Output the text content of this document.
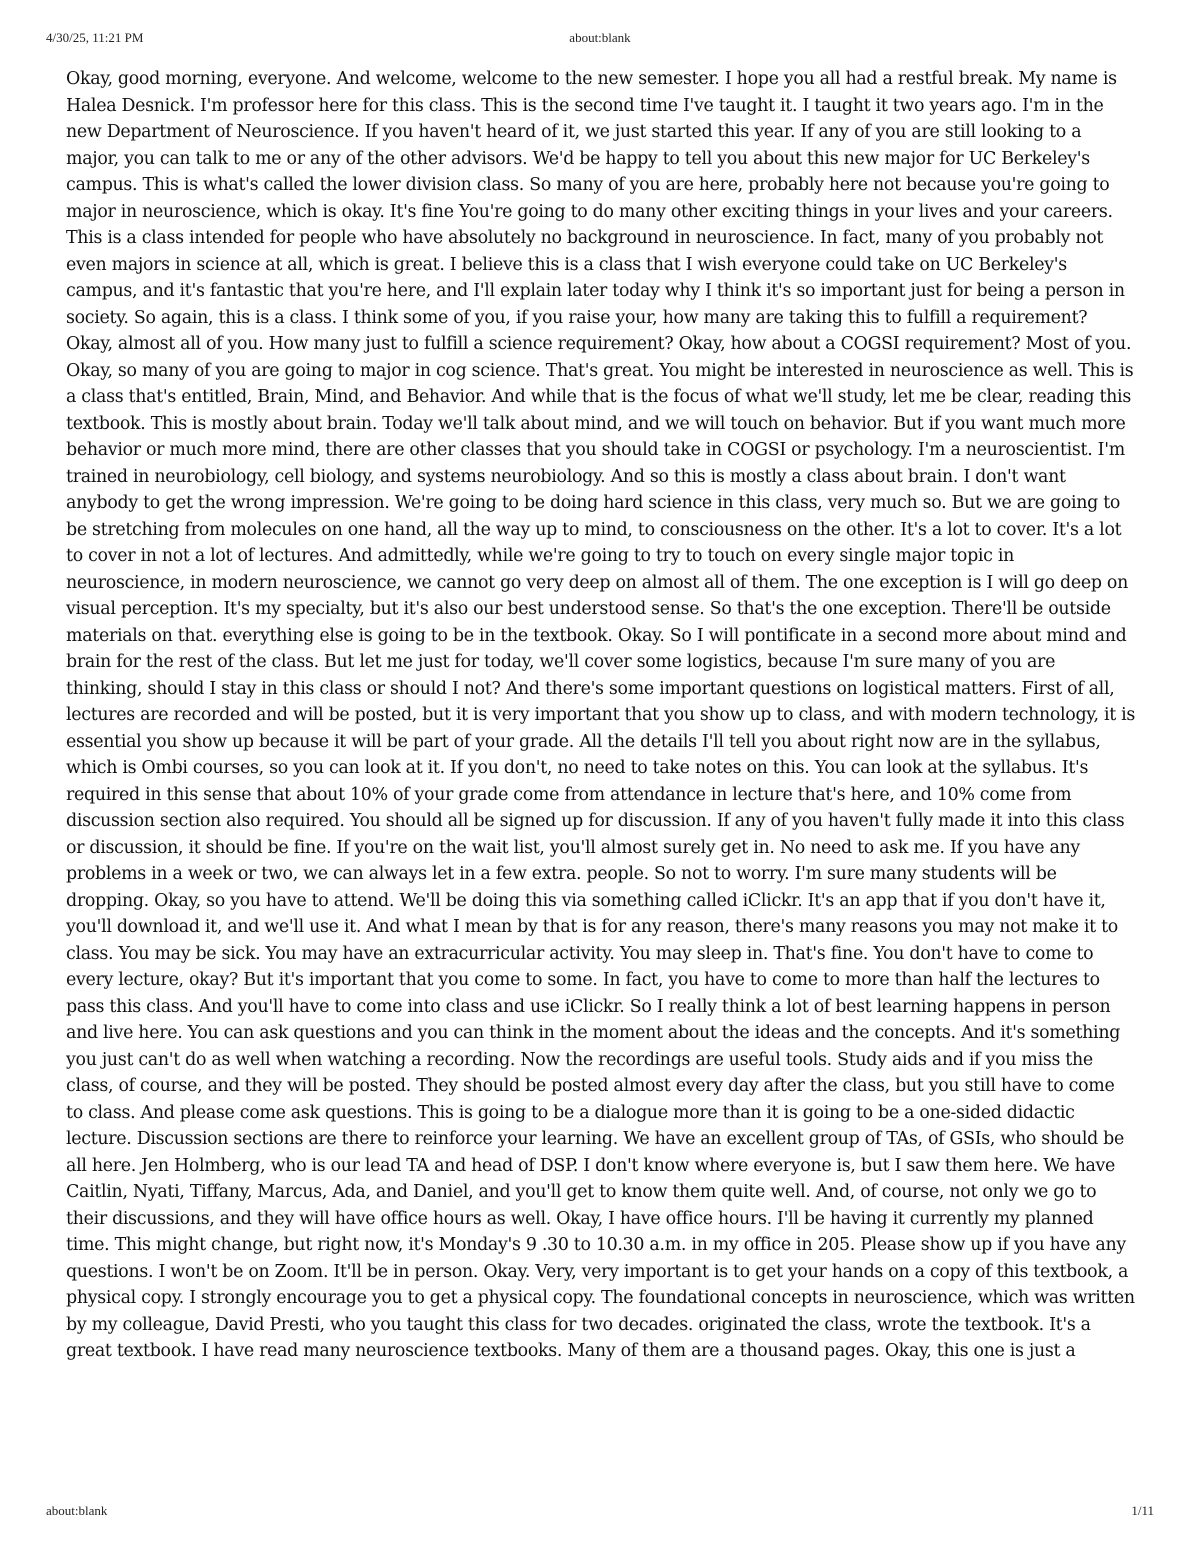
4/30/25, 11:21 PM	about:blank

Okay, good morning, everyone. And welcome, welcome to the new semester. I hope you all had a restful break. My name is Halea Desnick. I'm professor here for this class. This is the second time I've taught it. I taught it two years ago. I'm in the new Department of Neuroscience. If you haven't heard of it, we just started this year. If any of you are still looking to a major, you can talk to me or any of the other advisors. We'd be happy to tell you about this new major for UC Berkeley's campus. This is what's called the lower division class. So many of you are here, probably here not because you're going to major in neuroscience, which is okay. It's fine You're going to do many other exciting things in your lives and your careers. This is a class intended for people who have absolutely no background in neuroscience. In fact, many of you probably not even majors in science at all, which is great. I believe this is a class that I wish everyone could take on UC Berkeley's campus, and it's fantastic that you're here, and I'll explain later today why I think it's so important just for being a person in society. So again, this is a class. I think some of you, if you raise your, how many are taking this to fulfill a requirement? Okay, almost all of you. How many just to fulfill a science requirement? Okay, how about a COGSI requirement? Most of you. Okay, so many of you are going to major in cog science. That's great. You might be interested in neuroscience as well. This is a class that's entitled, Brain, Mind, and Behavior. And while that is the focus of what we'll study, let me be clear, reading this textbook. This is mostly about brain. Today we'll talk about mind, and we will touch on behavior. But if you want much more behavior or much more mind, there are other classes that you should take in COGSI or psychology. I'm a neuroscientist. I'm trained in neurobiology, cell biology, and systems neurobiology. And so this is mostly a class about brain. I don't want anybody to get the wrong impression. We're going to be doing hard science in this class, very much so. But we are going to be stretching from molecules on one hand, all the way up to mind, to consciousness on the other. It's a lot to cover. It's a lot to cover in not a lot of lectures. And admittedly, while we're going to try to touch on every single major topic in neuroscience, in modern neuroscience, we cannot go very deep on almost all of them. The one exception is I will go deep on visual perception. It's my specialty, but it's also our best understood sense. So that's the one exception. There'll be outside materials on that. everything else is going to be in the textbook. Okay. So I will pontificate in a second more about mind and brain for the rest of the class. But let me just for today, we'll cover some logistics, because I'm sure many of you are thinking, should I stay in this class or should I not? And there's some important questions on logistical matters. First of all, lectures are recorded and will be posted, but it is very important that you show up to class, and with modern technology, it is essential you show up because it will be part of your grade. All the details I'll tell you about right now are in the syllabus, which is Ombi courses, so you can look at it. If you don't, no need to take notes on this. You can look at the syllabus. It's required in this sense that about 10% of your grade come from attendance in lecture that's here, and 10% come from discussion section also required. You should all be signed up for discussion. If any of you haven't fully made it into this class or discussion, it should be fine. If you're on the wait list, you'll almost surely get in. No need to ask me. If you have any problems in a week or two, we can always let in a few extra. people. So not to worry. I'm sure many students will be dropping. Okay, so you have to attend. We'll be doing this via something called iClickr. It's an app that if you don't have it, you'll download it, and we'll use it. And what I mean by that is for any reason, there's many reasons you may not make it to class. You may be sick. You may have an extracurricular activity. You may sleep in. That's fine. You don't have to come to every lecture, okay? But it's important that you come to some. In fact, you have to come to more than half the lectures to pass this class. And you'll have to come into class and use iClickr. So I really think a lot of best learning happens in person and live here. You can ask questions and you can think in the moment about the ideas and the concepts. And it's something you just can't do as well when watching a recording. Now the recordings are useful tools. Study aids and if you miss the class, of course, and they will be posted. They should be posted almost every day after the class, but you still have to come to class. And please come ask questions. This is going to be a dialogue more than it is going to be a one-sided didactic lecture. Discussion sections are there to reinforce your learning. We have an excellent group of TAs, of GSIs, who should be all here. Jen Holmberg, who is our lead TA and head of DSP. I don't know where everyone is, but I saw them here. We have Caitlin, Nyati, Tiffany, Marcus, Ada, and Daniel, and you'll get to know them quite well. And, of course, not only we go to their discussions, and they will have office hours as well. Okay, I have office hours. I'll be having it currently my planned time. This might change, but right now, it's Monday's 9 .30 to 10.30 a.m. in my office in 205. Please show up if you have any questions. I won't be on Zoom. It'll be in person. Okay. Very, very important is to get your hands on a copy of this textbook, a physical copy. I strongly encourage you to get a physical copy. The foundational concepts in neuroscience, which was written by my colleague, David Presti, who you taught this class for two decades. originated the class, wrote the textbook. It's a great textbook. I have read many neuroscience textbooks. Many of them are a thousand pages. Okay, this one is just a

about:blank	1/11
